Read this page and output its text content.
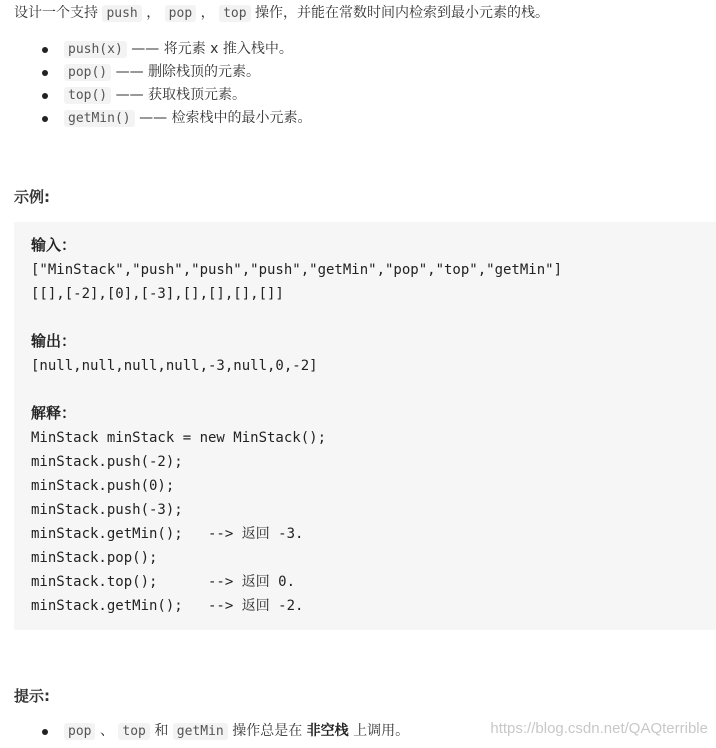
设计一个支持 push ， pop ， top 操作，并能在常数时间内检索到最小元素的栈。
push(x) —— 将元素 x 推入栈中。
pop() —— 删除栈顶的元素。
top() —— 获取栈顶元素。
getMin() —— 检索栈中的最小元素。
示例:
输入：
["MinStack","push","push","push","getMin","pop","top","getMin"]
[[],[-2],[0],[-3],[],[],[],[]]
输出：
[null,null,null,null,-3,null,0,-2]
解释：
MinStack minStack = new MinStack();
minStack.push(-2);
minStack.push(0);
minStack.push(-3);
minStack.getMin();   --> 返回 -3.
minStack.pop();
minStack.top();      --> 返回 0.
minStack.getMin();   --> 返回 -2.
提示:
pop 、 top 和 getMin 操作总是在 非空栈 上调用。	https://blog.csdn.net/QAQterrible
